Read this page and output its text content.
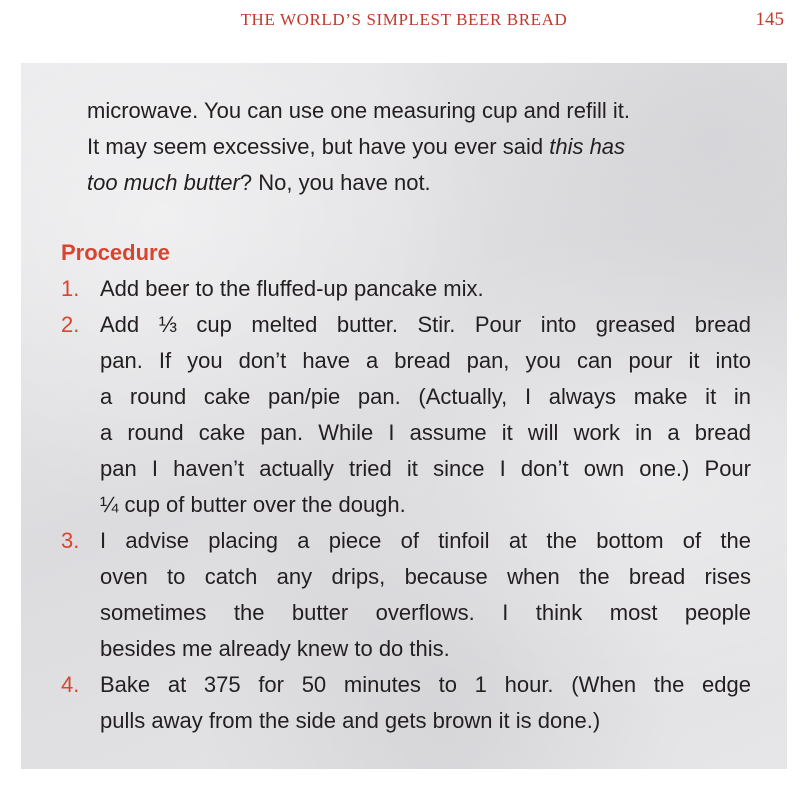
THE WORLD’S SIMPLEST BEER BREAD	145

microwave. You can use one measuring cup and refill it.
It may seem excessive, but have you ever said this has
too much butter? No, you have not.

Procedure
1. Add beer to the fluffed-up pancake mix.
2. Add ⅓ cup melted butter. Stir. Pour into greased bread
pan. If you don’t have a bread pan, you can pour it into
a round cake pan/pie pan. (Actually, I always make it in
a round cake pan. While I assume it will work in a bread
pan I haven’t actually tried it since I don’t own one.) Pour
¼ cup of butter over the dough.
3. I advise placing a piece of tinfoil at the bottom of the
oven to catch any drips, because when the bread rises
sometimes the butter overflows. I think most people
besides me already knew to do this.
4. Bake at 375 for 50 minutes to 1 hour. (When the edge
pulls away from the side and gets brown it is done.)
